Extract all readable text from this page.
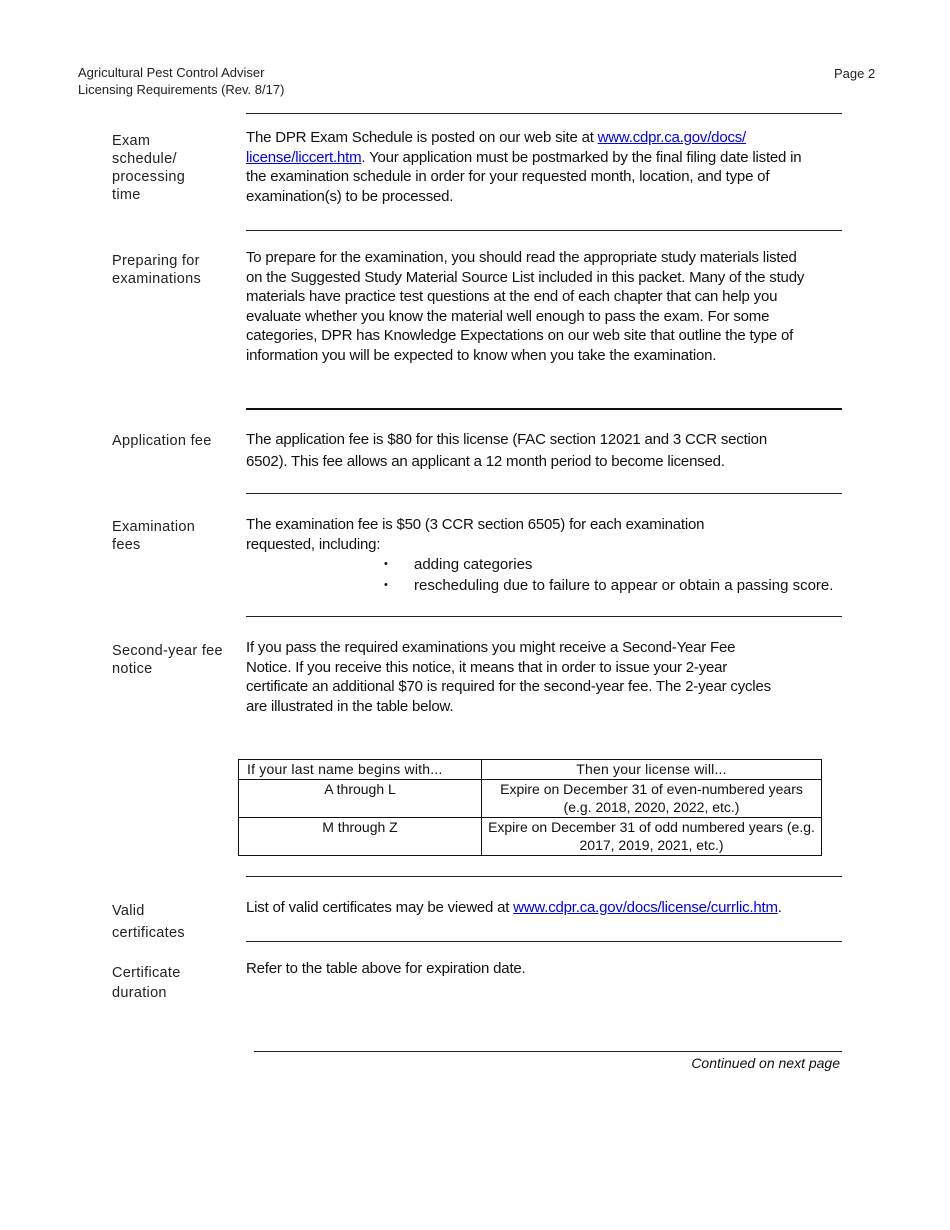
Agricultural Pest Control Adviser
Licensing Requirements (Rev. 8/17)
Page 2
Exam schedule/ processing time
The DPR Exam Schedule is posted on our web site at www.cdpr.ca.gov/docs/ license/liccert.htm. Your application must be postmarked by the final filing date listed in the examination schedule in order for your requested month, location, and type of examination(s) to be processed.
Preparing for examinations
To prepare for the examination, you should read the appropriate study materials listed on the Suggested Study Material Source List included in this packet. Many of the study materials have practice test questions at the end of each chapter that can help you evaluate whether you know the material well enough to pass the exam. For some categories, DPR has Knowledge Expectations on our web site that outline the type of information you will be expected to know when you take the examination.
Application fee	The application fee is $80 for this license (FAC section 12021 and 3 CCR section 6502). This fee allows an applicant a 12 month period to become licensed.
Examination fees
The examination fee is $50 (3 CCR section 6505) for each examination requested, including:
•	adding categories
•	rescheduling due to failure to appear or obtain a passing score.
Second-year fee notice
If you pass the required examinations you might receive a Second-Year Fee Notice. If you receive this notice, it means that in order to issue your 2-year certificate an additional $70 is required for the second-year fee. The 2-year cycles are illustrated in the table below.
If your last name begins with...	Then your license will...
A through L	Expire on December 31 of even-numbered years (e.g. 2018, 2020, 2022, etc.)
M through Z	Expire on December 31 of odd numbered years (e.g. 2017, 2019, 2021, etc.)
Valid certificates
List of valid certificates may be viewed at www.cdpr.ca.gov/docs/license/currlic.htm.
Certificate duration
Refer to the table above for expiration date.
Continued on next page
